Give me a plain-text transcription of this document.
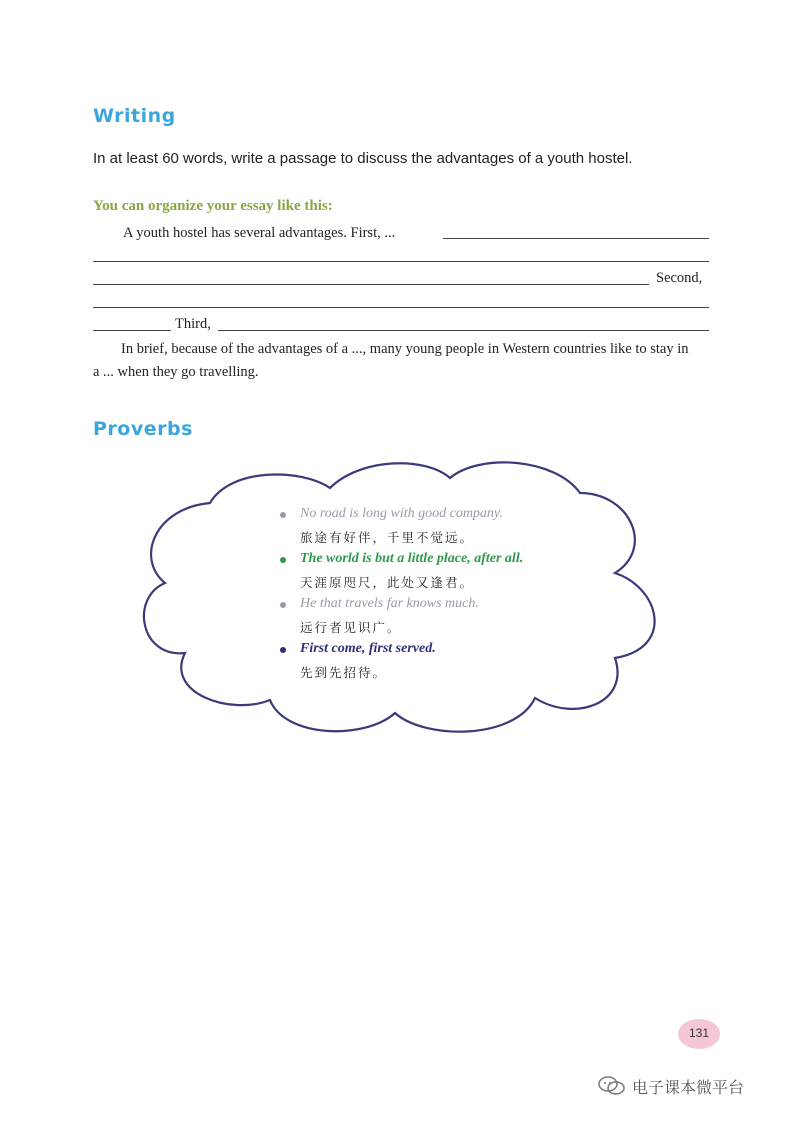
Writing
In at least 60 words, write a passage to discuss the advantages of a youth hostel.
You can organize your essay like this:
A youth hostel has several advantages. First, ...
Second,
Third,
In brief, because of the advantages of a ..., many young people in Western countries like to stay in
a ... when they go travelling.
Proverbs
No road is long with good company.
旅途有好伴，千里不觉远。
The world is but a little place, after all.
天涯原咫尺，此处又逢君。
He that travels far knows much.
远行者见识广。
First come, first served.
先到先招待。
131
电子课本微平台
